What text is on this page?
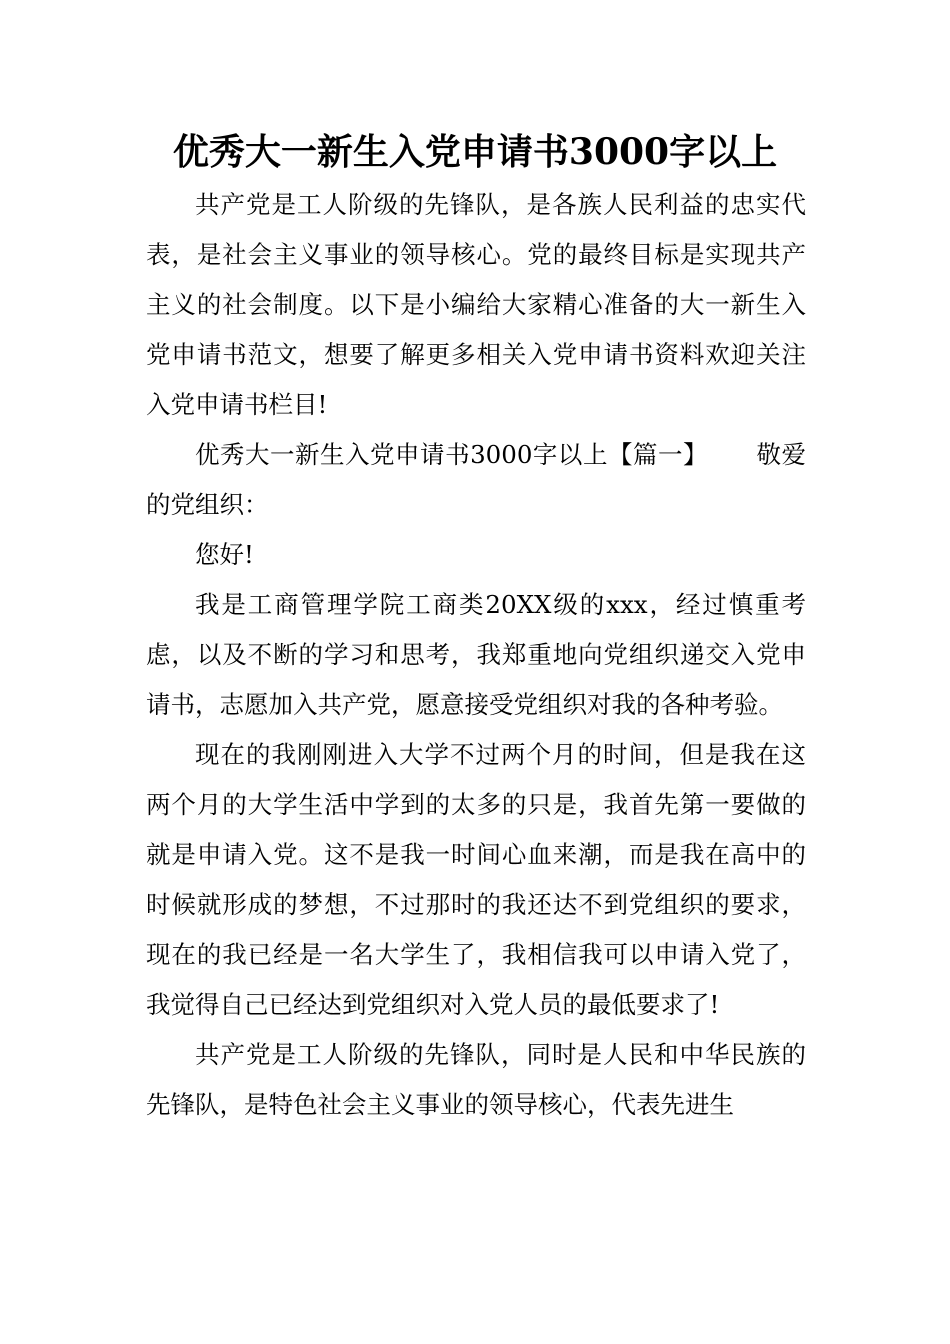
优秀大一新生入党申请书3000字以上

共产党是工人阶级的先锋队，是各族人民利益的忠实代表，是社会主义事业的领导核心。党的最终目标是实现共产主义的社会制度。以下是小编给大家精心准备的大一新生入党申请书范文，想要了解更多相关入党申请书资料欢迎关注入党申请书栏目!

优秀大一新生入党申请书3000字以上【篇一】 敬爱的党组织：

您好!

我是工商管理学院工商类20XX级的xxx，经过慎重考虑，以及不断的学习和思考，我郑重地向党组织递交入党申请书，志愿加入共产党，愿意接受党组织对我的各种考验。

现在的我刚刚进入大学不过两个月的时间，但是我在这两个月的大学生活中学到的太多的只是，我首先第一要做的就是申请入党。这不是我一时间心血来潮，而是我在高中的时候就形成的梦想，不过那时的我还达不到党组织的要求，现在的我已经是一名大学生了，我相信我可以申请入党了，我觉得自己已经达到党组织对入党人员的最低要求了!

共产党是工人阶级的先锋队，同时是人民和中华民族的先锋队，是特色社会主义事业的领导核心，代表先进生
